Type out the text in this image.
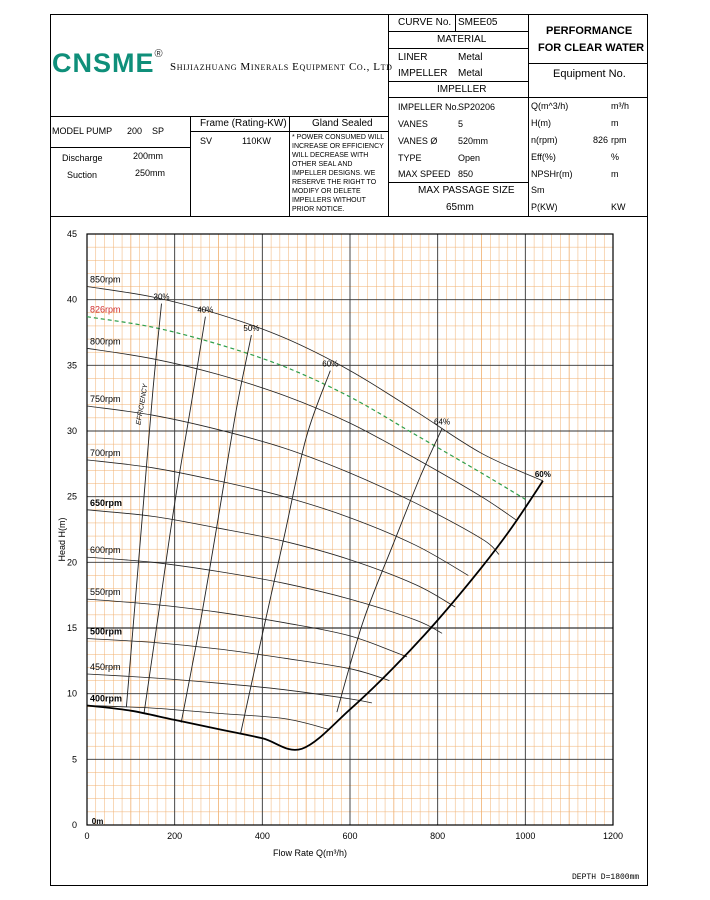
CNSME®
Shijiazhuang Minerals Equipment Co., Ltd
CURVE No. SMEE05
MATERIAL
LINER	Metal
IMPELLER Metal
IMPELLER
IMPELLER No.
SP20206
VANES	5
VANES Ø 520mm
TYPE	Open
MAX SPEED 850
MAX PASSAGE SIZE
65mm
PERFORMANCE
FOR CLEAR WATER
Equipment No.
Q(m^3/h)	m³/h
H(m)	m
n(rpm)	826 rpm
Eff(%)	%
NPSHr(m)	m
Sm
P(KW)	KW
MODEL PUMP 200 SP
Discharge	200mm
Suction	250mm
Frame (Rating-KW)
SV	110KW
Gland Sealed
* POWER CONSUMED WILL INCREASE OR EFFICIENCY WILL DECREASE WITH OTHER SEAL AND IMPELLER DESIGNS. WE RESERVE THE RIGHT TO MODIFY OR DELETE IMPELLERS WITHOUT PRIOR NOTICE.
0	200	400	600	800	1000	1200
0
5
10
15
20
25
30
35
40
45
Flow Rate Q(m³/h)
Head H(m)
850rpm
826rpm
800rpm
750rpm
700rpm
650rpm
600rpm
550rpm
500rpm
450rpm
400rpm
30%
40%
50%
60%
64%
60%
EFFICIENCY
0m
DEPTH D=1800mm
